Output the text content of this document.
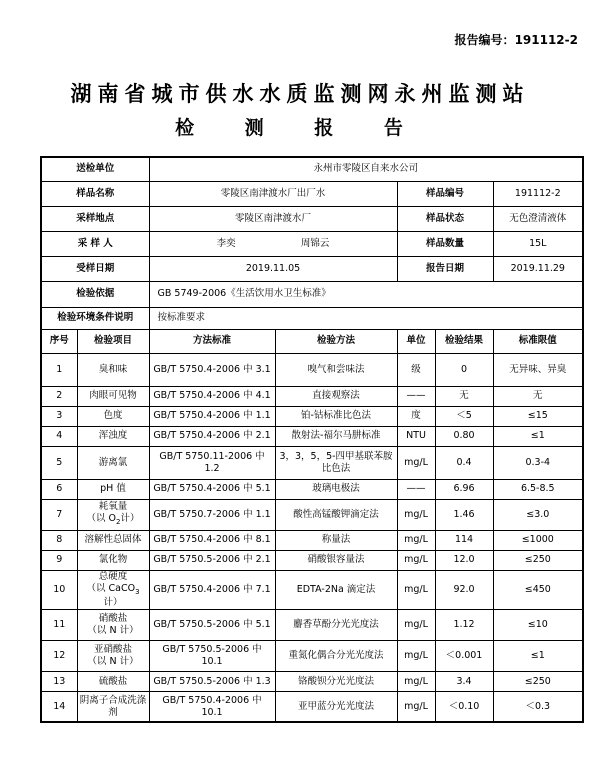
报告编号：191112-2
湖南省城市供水水质监测网永州监测站
检 测 报 告
送检单位		永州市零陵区自来水公司				
样品名称		零陵区南津渡水厂出厂水		样品编号		191112-2
采样地点		零陵区南津渡水厂		样品状态		无色澄清液体
采 样 人		李奕 周锦云		样品数量		15L
受样日期		2019.11.05		报告日期		2019.11.29
检验依据		GB 5749-2006《生活饮用水卫生标准》				
检验环境条件说明		按标准要求				
序号	检验项目	方法标准	检验方法	单位	检验结果	标准限值
1	臭和味	GB/T 5750.4-2006 中 3.1	嗅气和尝味法	级	0	无异味、异臭
2	肉眼可见物	GB/T 5750.4-2006 中 4.1	直接观察法	——	无	无
3	色度	GB/T 5750.4-2006 中 1.1	铂-钴标准比色法	度	＜5	≤15
4	浑浊度	GB/T 5750.4-2006 中 2.1	散射法-福尔马肼标准	NTU	0.80	≤1
5	游离氯	GB/T 5750.11-2006 中 1.2	3，3，5，5-四甲基联苯胺比色法	mg/L	0.4	0.3-4
6	pH 值	GB/T 5750.4-2006 中 5.1	玻璃电极法	——	6.96	6.5-8.5
7	耗氧量
（以 $O_2$计）	GB/T 5750.7-2006 中 1.1	酸性高锰酸钾滴定法	mg/L	1.46	≤3.0
8	溶解性总固体	GB/T 5750.4-2006 中 8.1	称量法	mg/L	114	≤1000
9	氯化物	GB/T 5750.5-2006 中 2.1	硝酸银容量法	mg/L	12.0	≤250
10	总硬度
（以 CaCO$_3$计）	GB/T 5750.4-2006 中 7.1	EDTA-2Na 滴定法	mg/L	92.0	≤450
11	硝酸盐
（以 N 计）	GB/T 5750.5-2006 中 5.1	麝香草酚分光光度法	mg/L	1.12	≤10
12	亚硝酸盐
（以 N 计）	GB/T 5750.5-2006 中 10.1	重氮化偶合分光光度法	mg/L	＜0.001	≤1
13	硫酸盐	GB/T 5750.5-2006 中 1.3	铬酸钡分光光度法	mg/L	3.4	≤250
14	阴离子合成洗涤剂	GB/T 5750.4-2006 中 10.1	亚甲蓝分光光度法	mg/L	＜0.10	＜0.3
